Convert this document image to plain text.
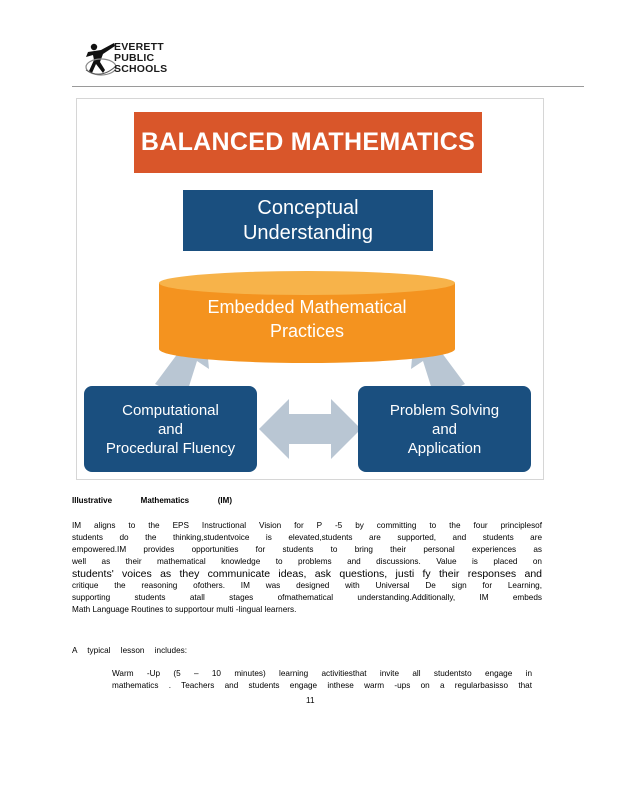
EVERETT
PUBLIC
SCHOOLS
BALANCED MATHEMATICS
Conceptual
Understanding
Embedded Mathematical
Practices
Computational
and
Procedural Fluency
Problem Solving
and
Application
Illustrative	Mathematics	(IM)
IM aligns to the EPS Instructional Vision for P -5 by committing to the four principlesof
students do the thinking,studentvoice is elevated,students are supported, and students are
empowered.IM provides opportunities for students to bring their personal experiences as
well as their mathematical knowledge to problems and discussions. Value is placed on
students' voices as they communicate ideas, ask questions, justi fy their responses and
critique the reasoning ofothers. IM was designed with Universal De sign for Learning,
supporting students atall stages ofmathematical understanding.Additionally, IM embeds
Math Language Routines to supportour multi -lingual learners.
A typical lesson includes:
Warm -Up (5 – 10 minutes) learning activitiesthat invite all studentsto engage in
mathematics . Teachers and students engage inthese warm -ups on a regularbasisso that
11
